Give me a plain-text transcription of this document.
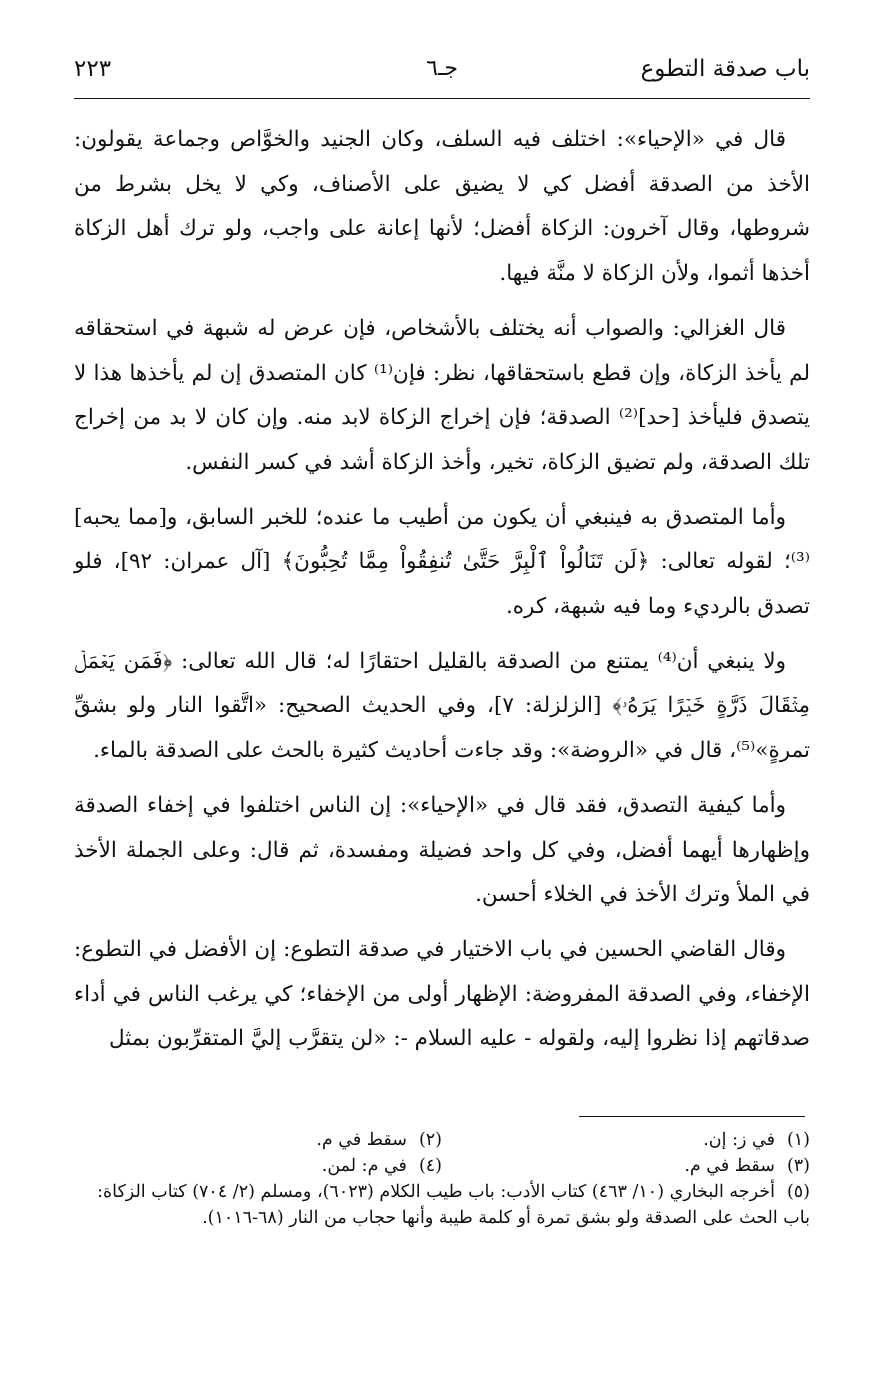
باب صدقة التطوع
جـ٦
٢٢٣

قال في «الإحياء»: اختلف فيه السلف، وكان الجنيد والخوَّاص وجماعة يقولون: الأخذ من الصدقة أفضل كي لا يضيق على الأصناف، وكي لا يخل بشرط من شروطها، وقال آخرون: الزكاة أفضل؛ لأنها إعانة على واجب، ولو ترك أهل الزكاة أخذها أثموا، ولأن الزكاة لا منَّة فيها.

قال الغزالي: والصواب أنه يختلف بالأشخاص، فإن عرض له شبهة في استحقاقه لم يأخذ الزكاة، وإن قطع باستحقاقها، نظر: فإن⁽¹⁾ كان المتصدق إن لم يأخذها هذا لا يتصدق فليأخذ [حد]⁽²⁾ الصدقة؛ فإن إخراج الزكاة لابد منه. وإن كان لا بد من إخراج تلك الصدقة، ولم تضيق الزكاة، تخير، وأخذ الزكاة أشد في كسر النفس.

وأما المتصدق به فينبغي أن يكون من أطيب ما عنده؛ للخبر السابق، و[مما يحبه]⁽³⁾؛ لقوله تعالى: ﴿لَن تَنَالُواْ ٱلْبِرَّ حَتَّىٰ تُنفِقُواْ مِمَّا تُحِبُّونَ﴾ [آل عمران: ٩٢]، فلو تصدق بالرديء وما فيه شبهة، كره.

ولا ينبغي أن⁽⁴⁾ يمتنع من الصدقة بالقليل احتقارًا له؛ قال الله تعالى: ﴿فَمَن يَعۡمَلۡ مِثۡقَالَ ذَرَّةٍ خَيۡرًا يَرَهُۥ﴾ [الزلزلة: ٧]، وفي الحديث الصحيح: «اتَّقوا النار ولو بشقِّ تمرةٍ»⁽⁵⁾، قال في «الروضة»: وقد جاءت أحاديث كثيرة بالحث على الصدقة بالماء.

وأما كيفية التصدق، فقد قال في «الإحياء»: إن الناس اختلفوا في إخفاء الصدقة وإظهارها أيهما أفضل، وفي كل واحد فضيلة ومفسدة، ثم قال: وعلى الجملة الأخذ في الملأ وترك الأخذ في الخلاء أحسن.

وقال القاضي الحسين في باب الاختيار في صدقة التطوع: إن الأفضل في التطوع: الإخفاء، وفي الصدقة المفروضة: الإظهار أولى من الإخفاء؛ كي يرغب الناس في أداء صدقاتهم إذا نظروا إليه، ولقوله - عليه السلام -: «لن يتقرَّب إليَّ المتقرِّبون بمثل

(١)في ز: إن.
(٢)سقط في م.
(٣)سقط في م.
(٤)في م: لمن.
(٥)أخرجه البخاري (١٠/ ٤٦٣) كتاب الأدب: باب طيب الكلام (٦٠٢٣)، ومسلم (٢/ ٧٠٤) كتاب الزكاة: باب الحث على الصدقة ولو بشق تمرة أو كلمة طيبة وأنها حجاب من النار (٦٨-١٠١٦).
